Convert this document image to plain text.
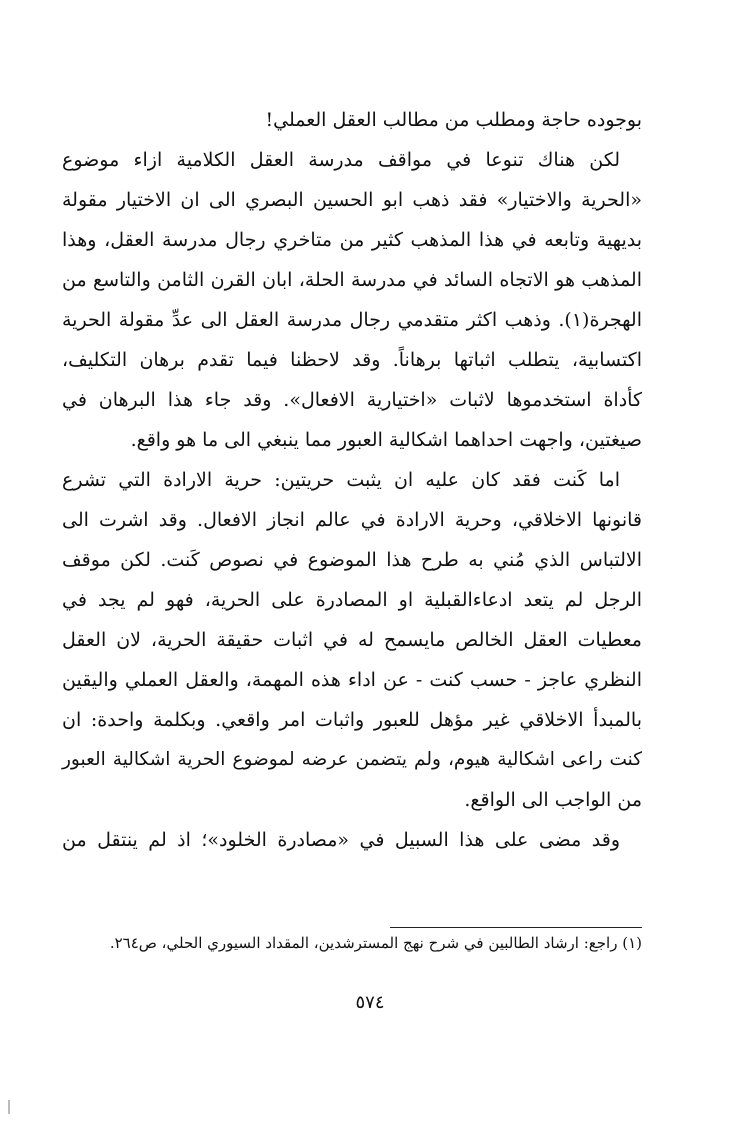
بوجوده حاجة ومطلب من مطالب العقل العملي!
لكن هناك تنوعا في مواقف مدرسة العقل الكلامية ازاء موضوع
«الحرية والاختيار» فقد ذهب ابو الحسين البصري الى ان الاختيار مقولة
بديهية وتابعه في هذا المذهب كثير من متاخري رجال مدرسة العقل، وهذا
المذهب هو الاتجاه السائد في مدرسة الحلة، ابان القرن الثامن والتاسع من
الهجرة(١). وذهب اكثر متقدمي رجال مدرسة العقل الى عدِّ مقولة الحرية
اكتسابية، يتطلب اثباتها برهاناً. وقد لاحظنا فيما تقدم برهان التكليف،
كأداة استخدموها لاثبات «اختيارية الافعال». وقد جاء هذا البرهان في
صيغتين، واجهت احداهما اشكالية العبور مما ينبغي الى ما هو واقع.
اما كَنت فقد كان عليه ان يثبت حريتين: حرية الارادة التي تشرع
قانونها الاخلاقي، وحرية الارادة في عالم انجاز الافعال. وقد اشرت الى
الالتباس الذي مُني به طرح هذا الموضوع في نصوص كَنت. لكن موقف
الرجل لم يتعد ادعاءالقبلية او المصادرة على الحرية، فهو لم يجد في
معطيات العقل الخالص مايسمح له في اثبات حقيقة الحرية، لان العقل
النظري عاجز - حسب كنت - عن اداء هذه المهمة، والعقل العملي واليقين
بالمبدأ الاخلاقي غير مؤهل للعبور واثبات امر واقعي. وبكلمة واحدة: ان
كنت راعى اشكالية هيوم، ولم يتضمن عرضه لموضوع الحرية اشكالية العبور
من الواجب الى الواقع.
وقد مضى على هذا السبيل في «مصادرة الخلود»؛ اذ لم ينتقل من
(١) راجع: ارشاد الطالبين في شرح نهج المسترشدين، المقداد السيوري الحلي، ص٢٦٤.
٥٧٤
